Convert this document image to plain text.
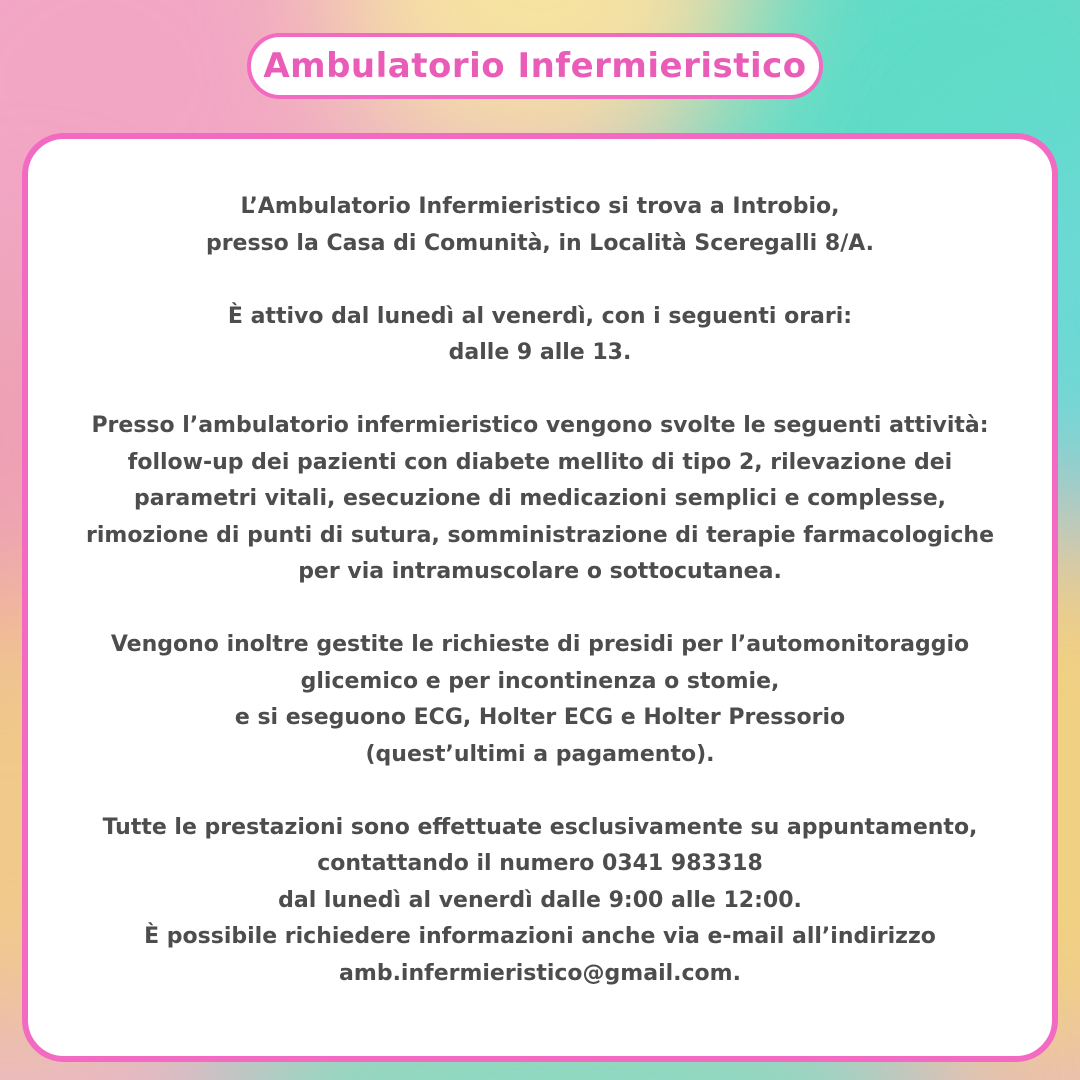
Ambulatorio Infermieristico

L’Ambulatorio Infermieristico si trova a Introbio,
presso la Casa di Comunità, in Località Sceregalli 8/A.

È attivo dal lunedì al venerdì, con i seguenti orari:
dalle 9 alle 13.

Presso l’ambulatorio infermieristico vengono svolte le seguenti attività:
follow-up dei pazienti con diabete mellito di tipo 2, rilevazione dei
parametri vitali, esecuzione di medicazioni semplici e complesse,
rimozione di punti di sutura, somministrazione di terapie farmacologiche
per via intramuscolare o sottocutanea.

Vengono inoltre gestite le richieste di presidi per l’automonitoraggio
glicemico e per incontinenza o stomie,
e si eseguono ECG, Holter ECG e Holter Pressorio
(quest’ultimi a pagamento).

Tutte le prestazioni sono effettuate esclusivamente su appuntamento,
contattando il numero 0341 983318
dal lunedì al venerdì dalle 9:00 alle 12:00.
È possibile richiedere informazioni anche via e-mail all’indirizzo
amb.infermieristico@gmail.com.
